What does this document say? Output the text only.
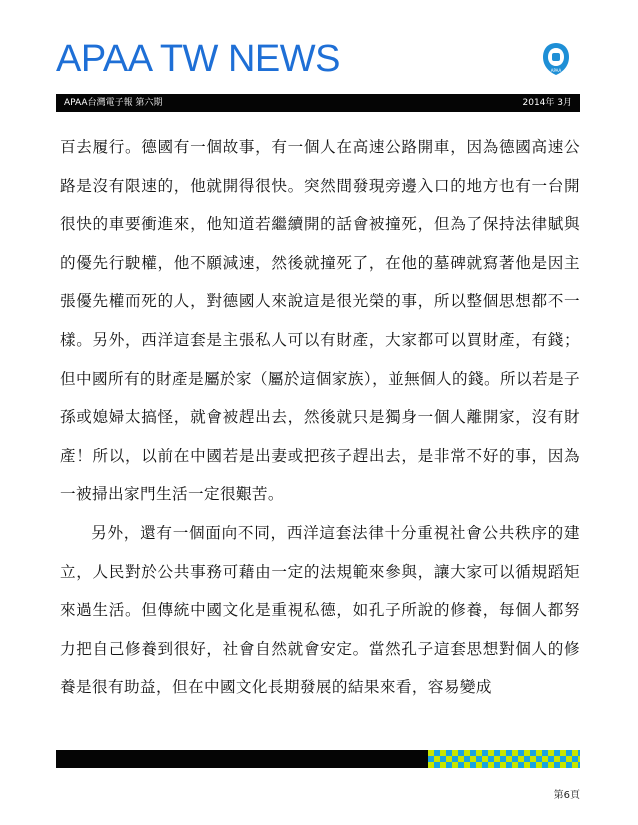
APAA TW NEWS	APAA
APAA台灣電子報 第六期	2014年 3月

百去履行。德國有一個故事，有一個人在高速公路開車，因為德國高速公路是沒有限速的，他就開得很快。突然間發現旁邊入口的地方也有一台開很快的車要衝進來，他知道若繼續開的話會被撞死，但為了保持法律賦與的優先行駛權，他不願減速，然後就撞死了，在他的墓碑就寫著他是因主張優先權而死的人，對德國人來說這是很光榮的事，所以整個思想都不一樣。另外，西洋這套是主張私人可以有財產，大家都可以買財產，有錢；但中國所有的財產是屬於家（屬於這個家族），並無個人的錢。所以若是子孫或媳婦太搞怪，就會被趕出去，然後就只是獨身一個人離開家，沒有財產！所以，以前在中國若是出妻或把孩子趕出去，是非常不好的事，因為一被掃出家門生活一定很艱苦。

另外，還有一個面向不同，西洋這套法律十分重視社會公共秩序的建立，人民對於公共事務可藉由一定的法規範來參與，讓大家可以循規蹈矩來過生活。但傳統中國文化是重視私德，如孔子所說的修養，每個人都努力把自己修養到很好，社會自然就會安定。當然孔子這套思想對個人的修養是很有助益，但在中國文化長期發展的結果來看，容易變成

第6頁
